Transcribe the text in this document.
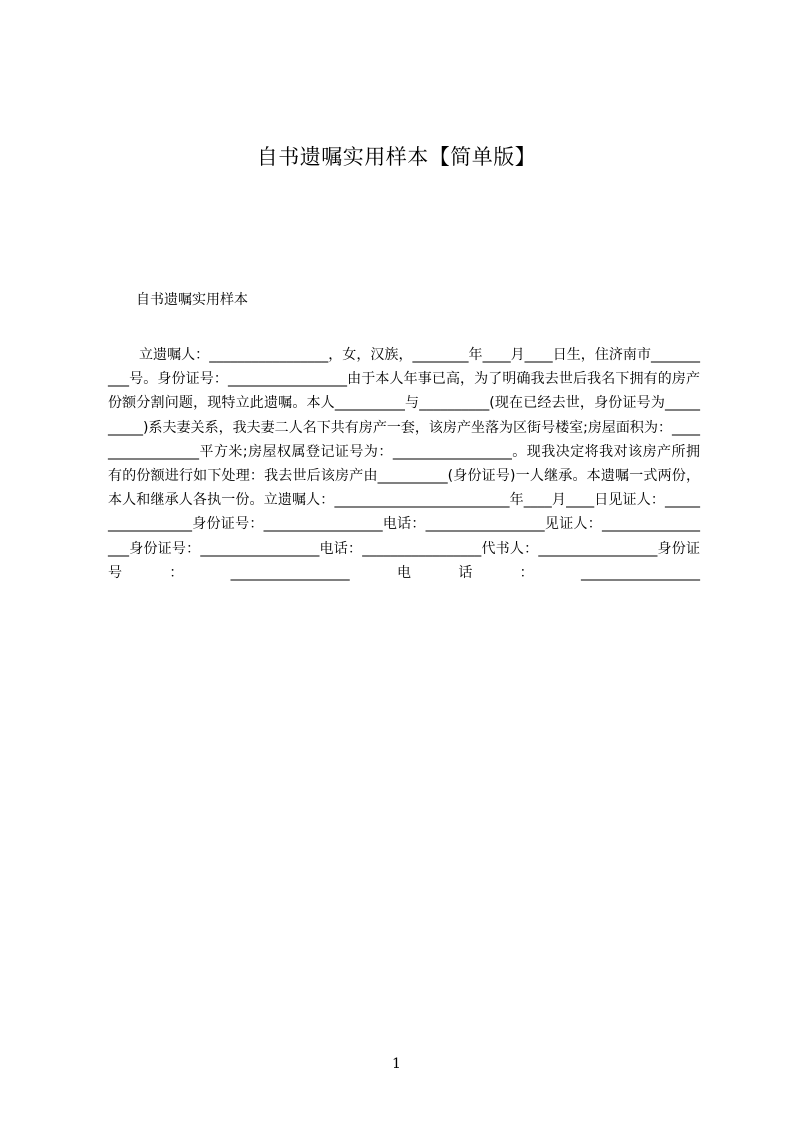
自书遗嘱实用样本【简单版】
自书遗嘱实用样本
立遗嘱人：_________________，女，汉族，________年____月____日生，住济南市__________号。身份证号：_________________由于本人年事已高，为了明确我去世后我名下拥有的房产份额分割问题，现特立此遗嘱。本人__________与__________(现在已经去世，身份证号为__________)系夫妻关系，我夫妻二人名下共有房产一套，该房产坐落为区街号楼室;房屋面积为：_________________平方米;房屋权属登记证号为：_________________。现我决定将我对该房产所拥有的份额进行如下处理：我去世后该房产由__________(身份证号)一人继承。本遗嘱一式两份，本人和继承人各执一份。立遗嘱人：_________________________年____月____日见证人：_________________身份证号：_________________电话：_________________见证人：_________________身份证号：_________________电话：_________________代书人：_________________身份证号：_________________电话：_________________
1
